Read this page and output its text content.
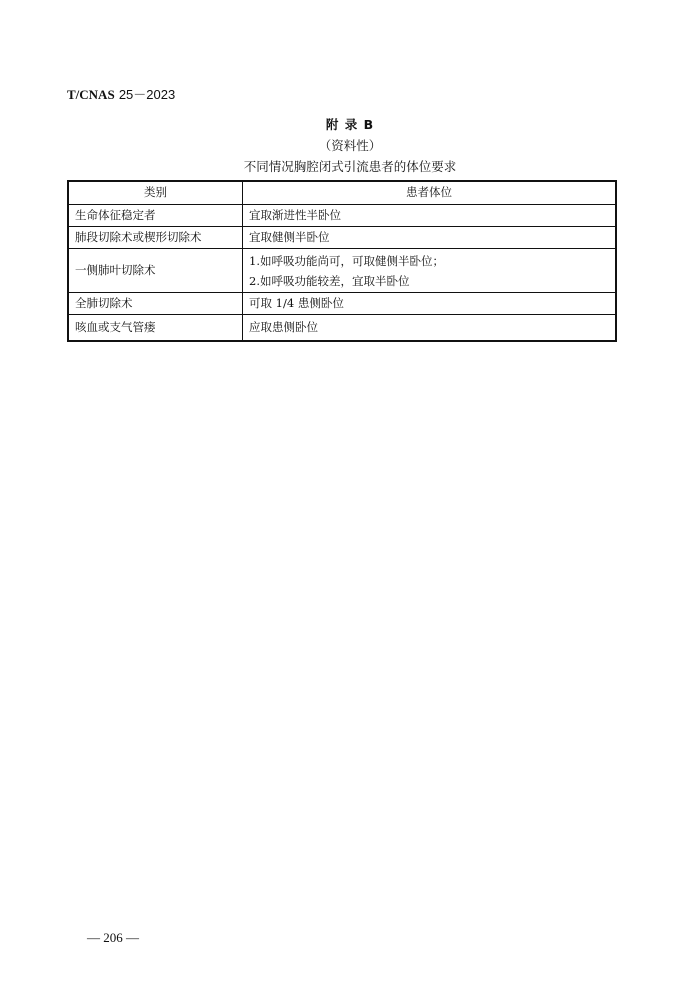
T/CNAS 25－2023
附 录 B
（资料性）
不同情况胸腔闭式引流患者的体位要求
类别	患者体位
生命体征稳定者	宜取渐进性半卧位
肺段切除术或楔形切除术	宜取健侧半卧位
一侧肺叶切除术	1.如呼吸功能尚可，可取健侧半卧位；
2.如呼吸功能较差，宜取半卧位

全肺切除术	可取 1/4 患侧卧位
咳血或支气管瘘	应取患侧卧位
— 206 —
